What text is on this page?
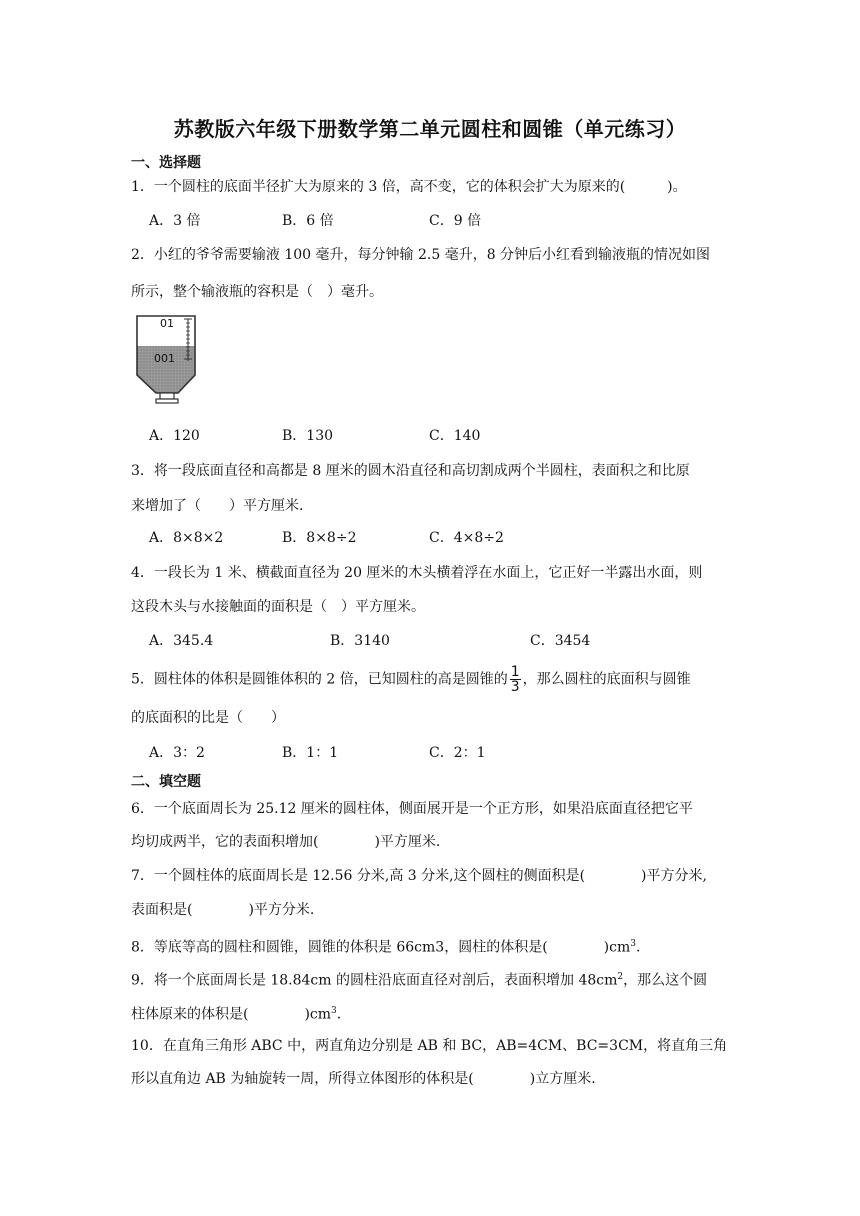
苏教版六年级下册数学第二单元圆柱和圆锥（单元练习）
一、选择题
1．一个圆柱的底面半径扩大为原来的 3 倍，高不变，它的体积会扩大为原来的(　　　)。
A．3 倍	B．6 倍	C．9 倍
2．小红的爷爷需要输液 100 毫升，每分钟输 2.5 毫升，8 分钟后小红看到输液瓶的情况如图
所示，整个输液瓶的容积是（　）毫升。
01
001
A．120	B．130	C．140
3．将一段底面直径和高都是 8 厘米的圆木沿直径和高切割成两个半圆柱，表面积之和比原
来增加了（　　）平方厘米.
A．8×8×2	B．8×8÷2	C．4×8÷2
4．一段长为 1 米、横截面直径为 20 厘米的木头横着浮在水面上，它正好一半露出水面，则
这段木头与水接触面的面积是（　）平方厘米。
A．345.4	B．3140	C．3454
5．圆柱体的体积是圆锥体积的 2 倍，已知圆柱的高是圆锥的 $\frac{1}{3}$ ，那么圆柱的底面积与圆锥
的底面积的比是（　　）
A．3：2	B．1：1	C．2：1
二、填空题
6．一个底面周长为 25.12 厘米的圆柱体，侧面展开是一个正方形，如果沿底面直径把它平
均切成两半，它的表面积增加(　　　　)平方厘米.
7．一个圆柱体的底面周长是 12.56 分米,高 3 分米,这个圆柱的侧面积是(　　　　)平方分米,
表面积是(　　　　)平方分米.
8．等底等高的圆柱和圆锥，圆锥的体积是 66cm3，圆柱的体积是(　　　　)$cm^3$.
9．将一个底面周长是 18.84cm 的圆柱沿底面直径对剖后，表面积增加 $48cm^2$，那么这个圆
柱体原来的体积是(　　　　)$cm^3$.
10．在直角三角形 ABC 中，两直角边分别是 AB 和 BC，AB=4CM、BC=3CM，将直角三角
形以直角边 AB 为轴旋转一周，所得立体图形的体积是(　　　　)立方厘米.
